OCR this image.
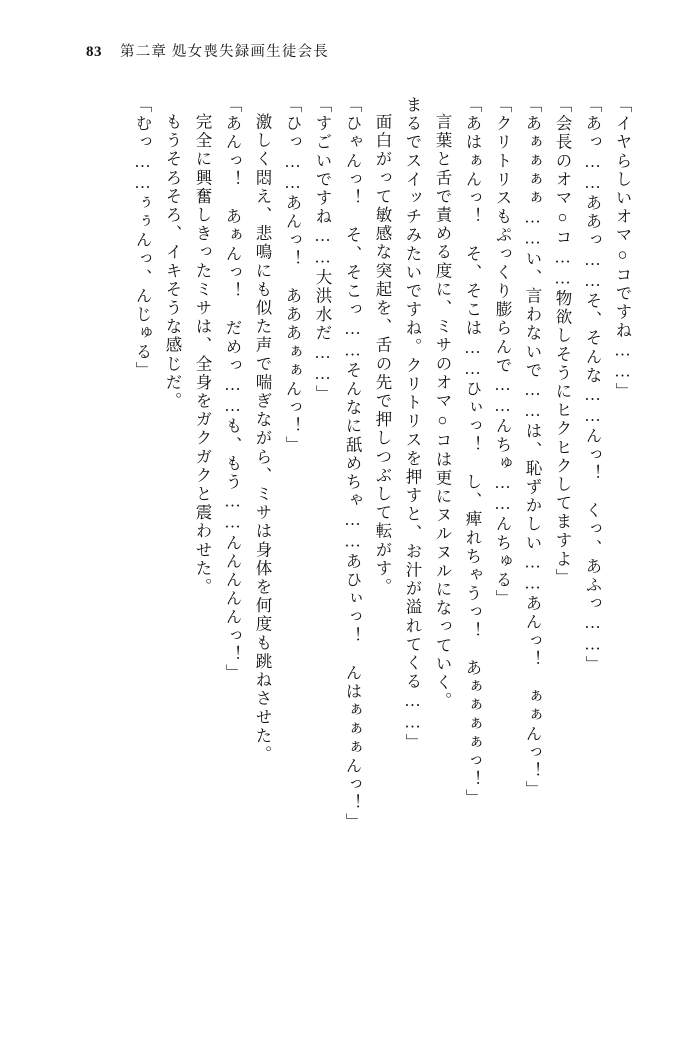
83 第二章 処女喪失録画生徒会長
「イヤらしいオマ○コですね……」
「あっ……ああっ……そ、そんな……んっ！　くっ、あふっ……」
「会長のオマ○コ……物欲しそうにヒクヒクしてますよ」
「あぁぁぁぁ……い、言わないで……は、恥ずかしい……あんっ！　ぁぁんっ！」
「クリトリスもぷっくり膨らんで……んちゅ……んちゅる」
「あはぁんっ！　そ、そこは……ひぃっ！　し、痺れちゃうっ！　あぁぁぁぁっ！」
言葉と舌で責める度に、ミサのオマ○コは更にヌルヌルになっていく。
まるでスイッチみたいですね。クリトリスを押すと、お汁が溢れてくる……」
面白がって敏感な突起を、舌の先で押しつぶして転がす。
「ひゃんっ！　そ、そこっ……そんなに舐めちゃ……あひぃっ！　んはぁぁぁんっ！」
「すごいですね……大洪水だ……」
「ひっ……あんっ！　あああぁぁんっ！」
激しく悶え、悲鳴にも似た声で喘ぎながら、ミサは身体を何度も跳ねさせた。
「あんっ！　あぁんっ！　だめっ……も、もう……んんんんんっ！」
完全に興奮しきったミサは、全身をガクガクと震わせた。
もうそろそろ、イキそうな感じだ。
「むっ……ぅぅんっ、んじゅる」
